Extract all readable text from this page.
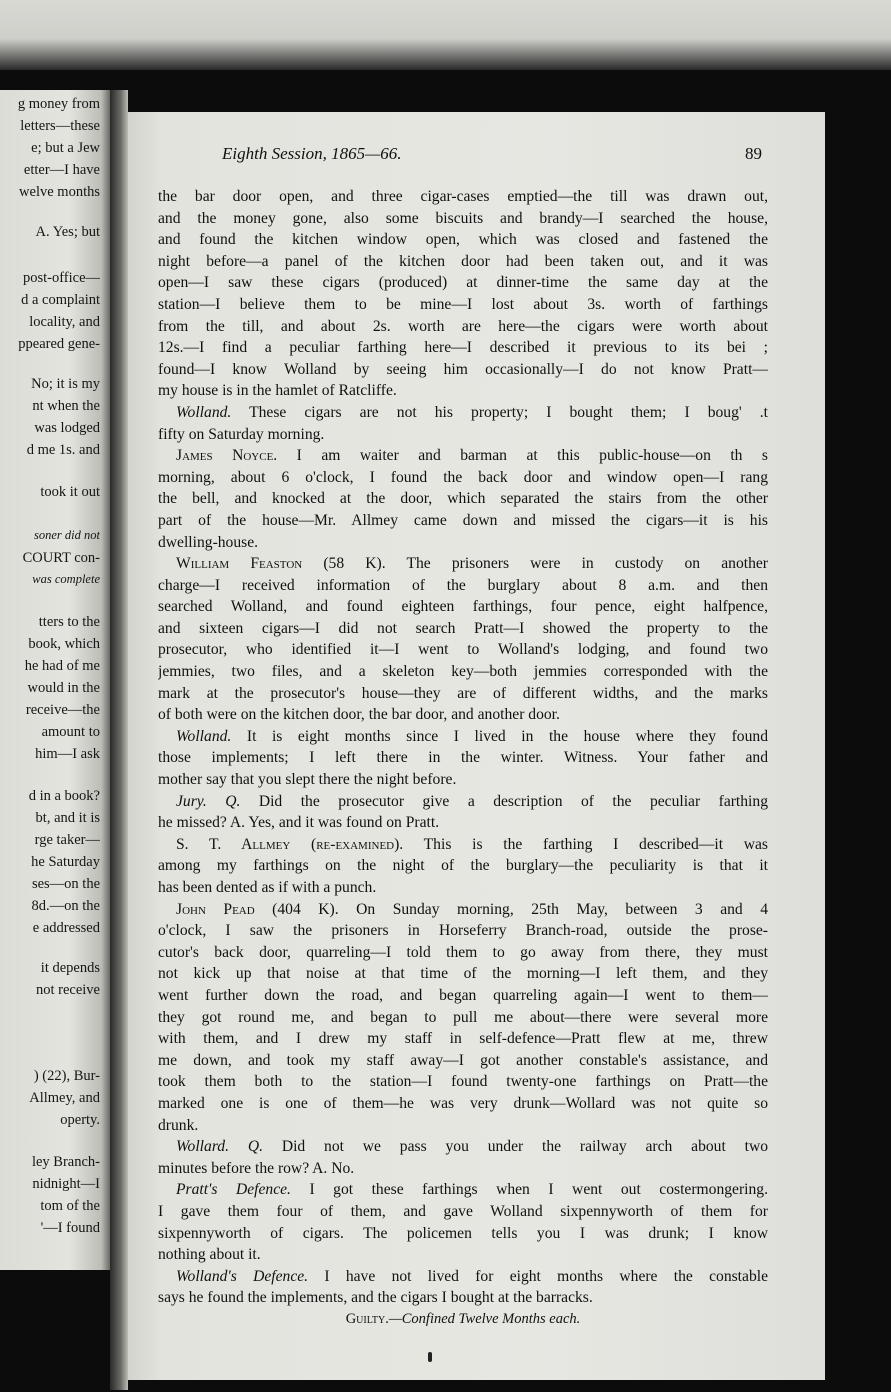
g money from
letters—these
e; but a Jew
etter—I have
welve months
A. Yes; but
post-office—
d a complaint
locality, and
ppeared gene-
No; it is my
nt when the
was lodged
d me 1s. and
took it out
soner did not
COURT con-
was complete
tters to the
book, which
he had of me
would in the
receive—the
amount to
him—I ask
d in a book?
bt, and it is
rge taker—
he Saturday
ses—on the
8d.—on the
e addressed
it depends
not receive
) (22), Bur-
Allmey, and
operty.
ley Branch-
nidnight—I
tom of the
'—I found
Eighth Session, 1865—66.	89
the bar door open, and three cigar-cases emptied—the till was drawn out,
and the money gone, also some biscuits and brandy—I searched the house,
and found the kitchen window open, which was closed and fastened the
night before—a panel of the kitchen door had been taken out, and it was
open—I saw these cigars (produced) at dinner-time the same day at the
station—I believe them to be mine—I lost about 3s. worth of farthings
from the till, and about 2s. worth are here—the cigars were worth about
12s.—I find a peculiar farthing here—I described it previous to its bei ;
found—I know Wolland by seeing him occasionally—I do not know Pratt—
my house is in the hamlet of Ratcliffe.
Wolland. These cigars are not his property; I bought them; I boug' .t
fifty on Saturday morning.
James Noyce. I am waiter and barman at this public-house—on th s
morning, about 6 o'clock, I found the back door and window open—I rang
the bell, and knocked at the door, which separated the stairs from the other
part of the house—Mr. Allmey came down and missed the cigars—it is his
dwelling-house.
William Feaston (58 K). The prisoners were in custody on another
charge—I received information of the burglary about 8 a.m. and then
searched Wolland, and found eighteen farthings, four pence, eight halfpence,
and sixteen cigars—I did not search Pratt—I showed the property to the
prosecutor, who identified it—I went to Wolland's lodging, and found two
jemmies, two files, and a skeleton key—both jemmies corresponded with the
mark at the prosecutor's house—they are of different widths, and the marks
of both were on the kitchen door, the bar door, and another door.
Wolland. It is eight months since I lived in the house where they found
those implements; I left there in the winter. Witness. Your father and
mother say that you slept there the night before.
Jury. Q. Did the prosecutor give a description of the peculiar farthing
he missed? A. Yes, and it was found on Pratt.
S. T. Allmey (re-examined). This is the farthing I described—it was
among my farthings on the night of the burglary—the peculiarity is that it
has been dented as if with a punch.
John Pead (404 K). On Sunday morning, 25th May, between 3 and 4
o'clock, I saw the prisoners in Horseferry Branch-road, outside the prose-
cutor's back door, quarreling—I told them to go away from there, they must
not kick up that noise at that time of the morning—I left them, and they
went further down the road, and began quarreling again—I went to them—
they got round me, and began to pull me about—there were several more
with them, and I drew my staff in self-defence—Pratt flew at me, threw
me down, and took my staff away—I got another constable's assistance, and
took them both to the station—I found twenty-one farthings on Pratt—the
marked one is one of them—he was very drunk—Wollard was not quite so
drunk.
Wollard. Q. Did not we pass you under the railway arch about two
minutes before the row? A. No.
Pratt's Defence. I got these farthings when I went out costermongering.
I gave them four of them, and gave Wolland sixpennyworth of them for
sixpennyworth of cigars. The policemen tells you I was drunk; I know
nothing about it.
Wolland's Defence. I have not lived for eight months where the constable
says he found the implements, and the cigars I bought at the barracks.
Guilty.—Confined Twelve Months each.
